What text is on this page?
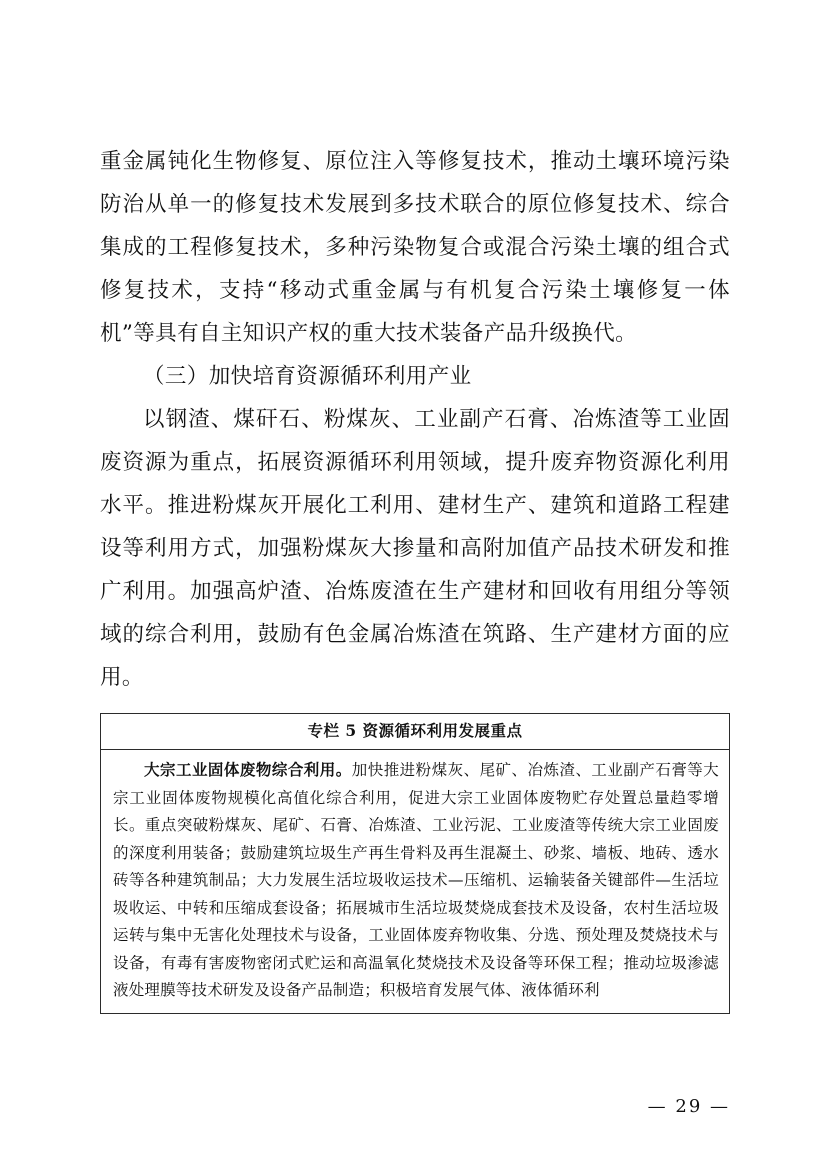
重金属钝化生物修复、原位注入等修复技术，推动土壤环境污染防治从单一的修复技术发展到多技术联合的原位修复技术、综合集成的工程修复技术，多种污染物复合或混合污染土壤的组合式修复技术，支持“移动式重金属与有机复合污染土壤修复一体机”等具有自主知识产权的重大技术装备产品升级换代。

（三）加快培育资源循环利用产业

以钢渣、煤矸石、粉煤灰、工业副产石膏、冶炼渣等工业固废资源为重点，拓展资源循环利用领域，提升废弃物资源化利用水平。推进粉煤灰开展化工利用、建材生产、建筑和道路工程建设等利用方式，加强粉煤灰大掺量和高附加值产品技术研发和推广利用。加强高炉渣、冶炼废渣在生产建材和回收有用组分等领域的综合利用，鼓励有色金属冶炼渣在筑路、生产建材方面的应用。

专栏 5 资源循环利用发展重点

大宗工业固体废物综合利用。加快推进粉煤灰、尾矿、冶炼渣、工业副产石膏等大宗工业固体废物规模化高值化综合利用，促进大宗工业固体废物贮存处置总量趋零增长。重点突破粉煤灰、尾矿、石膏、冶炼渣、工业污泥、工业废渣等传统大宗工业固废的深度利用装备；鼓励建筑垃圾生产再生骨料及再生混凝土、砂浆、墙板、地砖、透水砖等各种建筑制品；大力发展生活垃圾收运技术—压缩机、运输装备关键部件—生活垃圾收运、中转和压缩成套设备；拓展城市生活垃圾焚烧成套技术及设备，农村生活垃圾运转与集中无害化处理技术与设备，工业固体废弃物收集、分选、预处理及焚烧技术与设备，有毒有害废物密闭式贮运和高温氧化焚烧技术及设备等环保工程；推动垃圾渗滤液处理膜等技术研发及设备产品制造；积极培育发展气体、液体循环利

— 29 —
